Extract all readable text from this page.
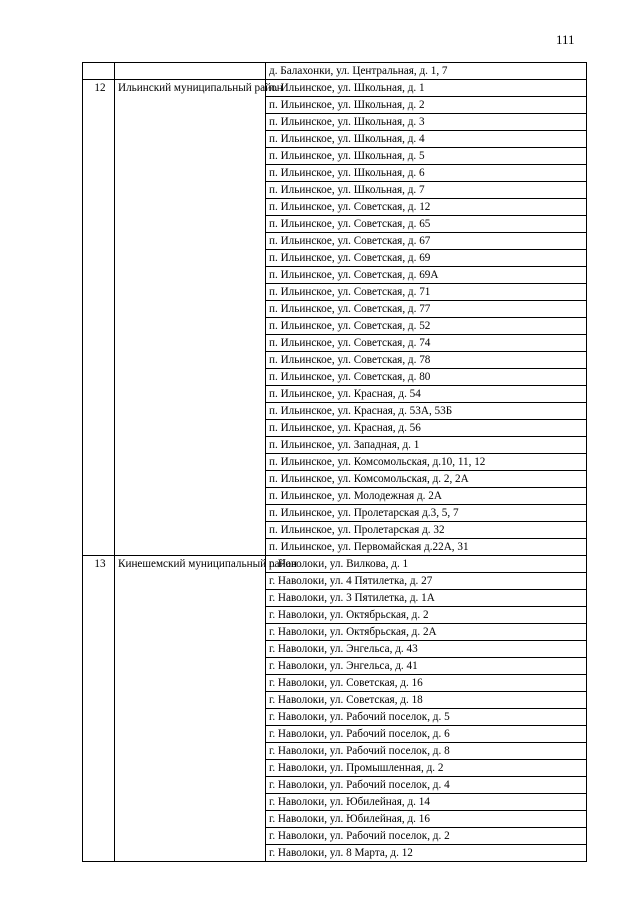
111
		д. Балахонки, ул. Центральная, д. 1, 7
12	Ильинский муниципальный район	п. Ильинское, ул. Школьная, д. 1
		п. Ильинское, ул. Школьная, д. 2
		п. Ильинское, ул. Школьная, д. 3
		п. Ильинское, ул. Школьная, д. 4
		п. Ильинское, ул. Школьная, д. 5
		п. Ильинское, ул. Школьная, д. 6
		п. Ильинское, ул. Школьная, д. 7
		п. Ильинское, ул. Советская, д. 12
		п. Ильинское, ул. Советская, д. 65
		п. Ильинское, ул. Советская, д. 67
		п. Ильинское, ул. Советская, д. 69
		п. Ильинское, ул. Советская, д. 69А
		п. Ильинское, ул. Советская, д. 71
		п. Ильинское, ул. Советская, д. 77
		п. Ильинское, ул. Советская, д. 52
		п. Ильинское, ул. Советская, д. 74
		п. Ильинское, ул. Советская, д. 78
		п. Ильинское, ул. Советская, д. 80
		п. Ильинское, ул. Красная, д. 54
		п. Ильинское, ул. Красная, д. 53А, 53Б
		п. Ильинское, ул. Красная, д. 56
		п. Ильинское, ул. Западная, д. 1
		п. Ильинское, ул. Комсомольская, д.10, 11, 12
		п. Ильинское, ул. Комсомольская, д. 2, 2А
		п. Ильинское, ул. Молодежная д. 2А
		п. Ильинское, ул. Пролетарская д.3, 5, 7
		п. Ильинское, ул. Пролетарская д. 32
		п. Ильинское, ул. Первомайская д.22А, 31
13	Кинешемский муниципальный район	г. Наволоки, ул. Вилкова, д. 1
		г. Наволоки, ул. 4 Пятилетка, д. 27
		г. Наволоки, ул. 3 Пятилетка, д. 1А
		г. Наволоки, ул. Октябрьская, д. 2
		г. Наволоки, ул. Октябрьская, д. 2А
		г. Наволоки, ул. Энгельса, д. 43
		г. Наволоки, ул. Энгельса, д. 41
		г. Наволоки, ул. Советская, д. 16
		г. Наволоки, ул. Советская, д. 18
		г. Наволоки, ул. Рабочий поселок, д. 5
		г. Наволоки, ул. Рабочий поселок, д. 6
		г. Наволоки, ул. Рабочий поселок, д. 8
		г. Наволоки, ул. Промышленная, д. 2
		г. Наволоки, ул. Рабочий поселок, д. 4
		г. Наволоки, ул. Юбилейная, д. 14
		г. Наволоки, ул. Юбилейная, д. 16
		г. Наволоки, ул. Рабочий поселок, д. 2
		г. Наволоки, ул. 8 Марта, д. 12
